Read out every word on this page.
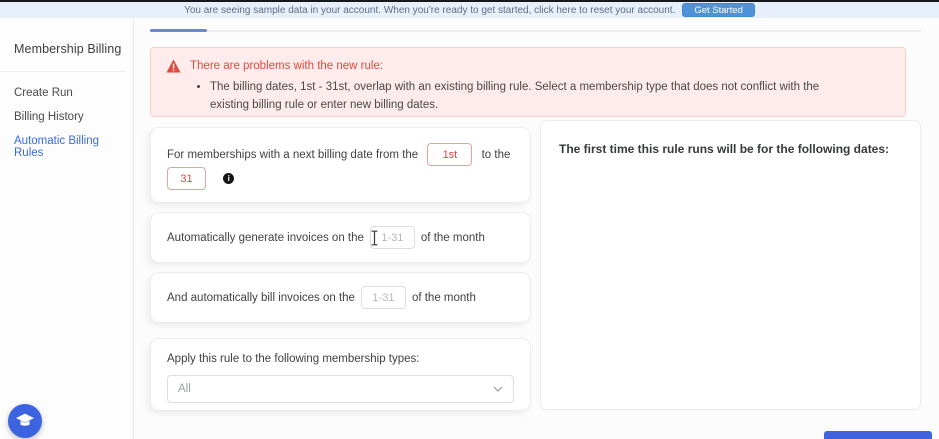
You are seeing sample data in your account. When you're ready to get started, click here to reset your account.	Get Started
Membership Billing
Create Run
Billing History
Automatic Billing Rules
There are problems with the new rule:
• The billing dates, 1st - 31st, overlap with an existing billing rule. Select a membership type that does not conflict with the existing billing rule or enter new billing dates.
For memberships with a next billing date from the 1st	to the
31 i
Automatically generate invoices on the
1-31	of the month
And automatically bill invoices on the
1-31	of the month
Apply this rule to the following membership types:
All
The first time this rule runs will be for the following dates:
